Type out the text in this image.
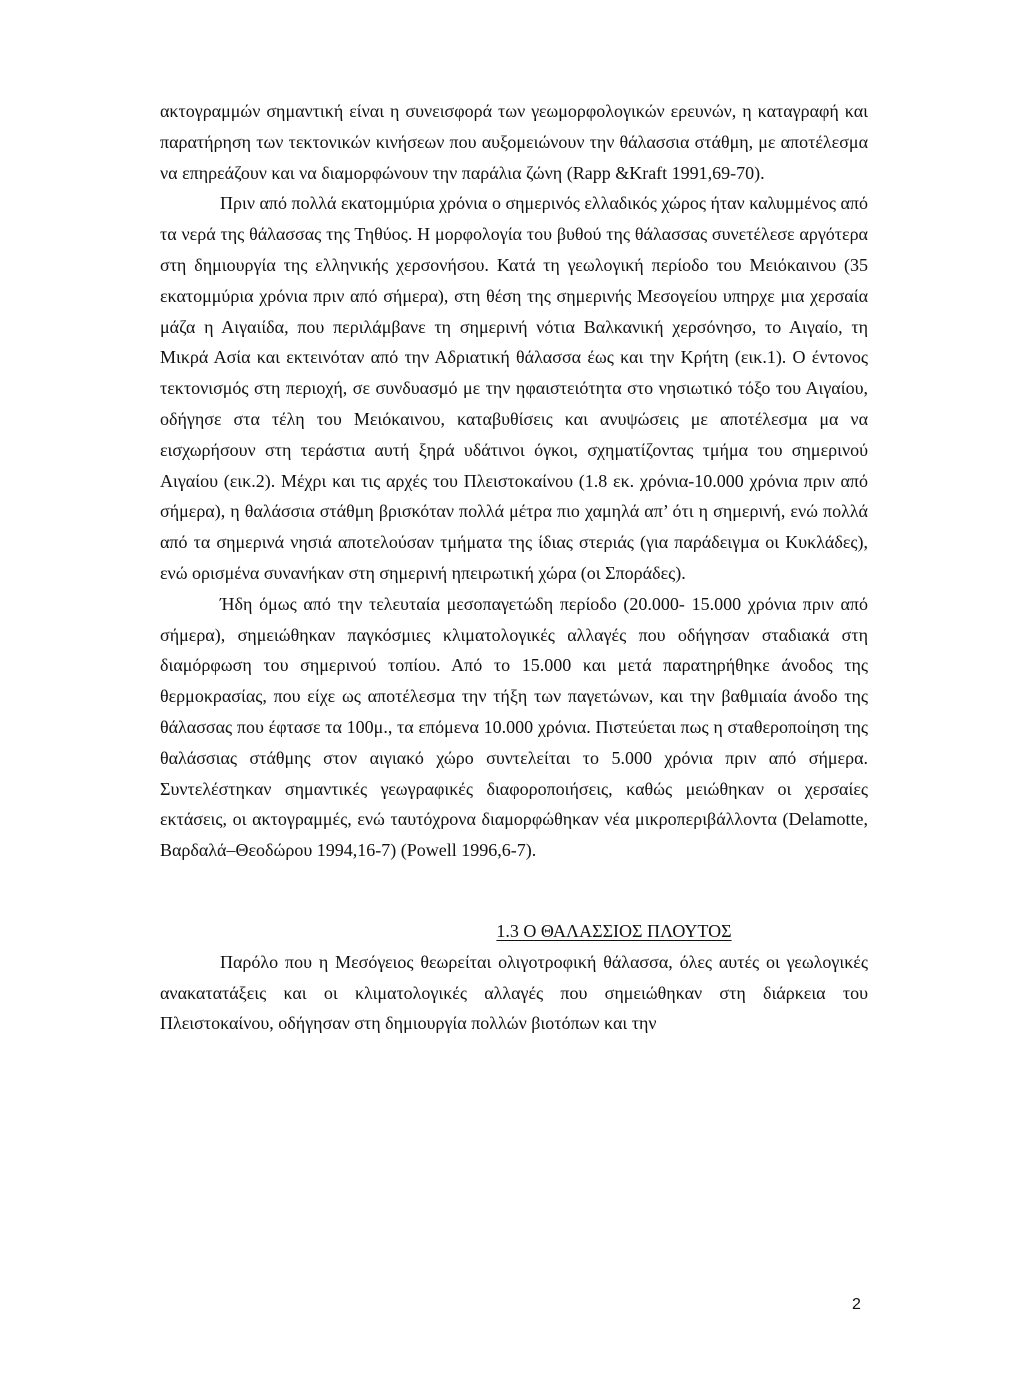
ακτογραμμών σημαντική είναι η συνεισφορά των γεωμορφολογικών ερευνών, η καταγραφή και παρατήρηση των τεκτονικών κινήσεων που αυξομειώνουν την θάλασσια στάθμη, με αποτέλεσμα να επηρεάζουν και να διαμορφώνουν την παράλια ζώνη (Rapp &Kraft 1991,69-70).

Πριν από πολλά εκατομμύρια χρόνια ο σημερινός ελλαδικός χώρος ήταν καλυμμένος από τα νερά της θάλασσας της Τηθύος. Η μορφολογία του βυθού της θάλασσας συνετέλεσε αργότερα στη δημιουργία της ελληνικής χερσονήσου. Κατά τη γεωλογική περίοδο του Μειόκαινου (35 εκατομμύρια χρόνια πριν από σήμερα), στη θέση της σημερινής Μεσογείου υπηρχε μια χερσαία μάζα η Αιγαιίδα, που περιλάμβανε τη σημερινή νότια Βαλκανική χερσόνησο, το Αιγαίο, τη Μικρά Ασία και εκτεινόταν από την Αδριατική θάλασσα έως και την Κρήτη (εικ.1). Ο έντονος τεκτονισμός στη περιοχή, σε συνδυασμό με την ηφαιστειότητα στο νησιωτικό τόξο του Αιγαίου, οδήγησε στα τέλη του Μειόκαινου, καταβυθίσεις και ανυψώσεις με αποτέλεσμα μα να εισχωρήσουν στη τεράστια αυτή ξηρά υδάτινοι όγκοι, σχηματίζοντας τμήμα του σημερινού Αιγαίου (εικ.2). Μέχρι και τις αρχές του Πλειστοκαίνου (1.8 εκ. χρόνια-10.000 χρόνια πριν από σήμερα), η θαλάσσια στάθμη βρισκόταν πολλά μέτρα πιο χαμηλά απ’ ότι η σημερινή, ενώ πολλά από τα σημερινά νησιά αποτελούσαν τμήματα της ίδιας στεριάς (για παράδειγμα οι Κυκλάδες), ενώ ορισμένα συνανήκαν στη σημερινή ηπειρωτική χώρα (οι Σποράδες).

Ήδη όμως από την τελευταία μεσοπαγετώδη περίοδο (20.000- 15.000 χρόνια πριν από σήμερα), σημειώθηκαν παγκόσμιες κλιματολογικές αλλαγές που οδήγησαν σταδιακά στη διαμόρφωση του σημερινού τοπίου. Από το 15.000 και μετά παρατηρήθηκε άνοδος της θερμοκρασίας, που είχε ως αποτέλεσμα την τήξη των παγετώνων, και την βαθμιαία άνοδο της θάλασσας που έφτασε τα 100μ., τα επόμενα 10.000 χρόνια. Πιστεύεται πως η σταθεροποίηση της θαλάσσιας στάθμης στον αιγιακό χώρο συντελείται το 5.000 χρόνια πριν από σήμερα. Συντελέστηκαν σημαντικές γεωγραφικές διαφοροποιήσεις, καθώς μειώθηκαν οι χερσαίες εκτάσεις, οι ακτογραμμές, ενώ ταυτόχρονα διαμορφώθηκαν νέα μικροπεριβάλλοντα (Delamotte, Βαρδαλά–Θεοδώρου 1994,16-7) (Powell 1996,6-7).

1.3 Ο ΘΑΛΑΣΣΙΟΣ ΠΛΟΥΤΟΣ

Παρόλο που η Μεσόγειος θεωρείται ολιγοτροφική θάλασσα, όλες αυτές οι γεωλογικές ανακατατάξεις και οι κλιματολογικές αλλαγές που σημειώθηκαν στη διάρκεια του Πλειστοκαίνου, οδήγησαν στη δημιουργία πολλών βιοτόπων και την

2
